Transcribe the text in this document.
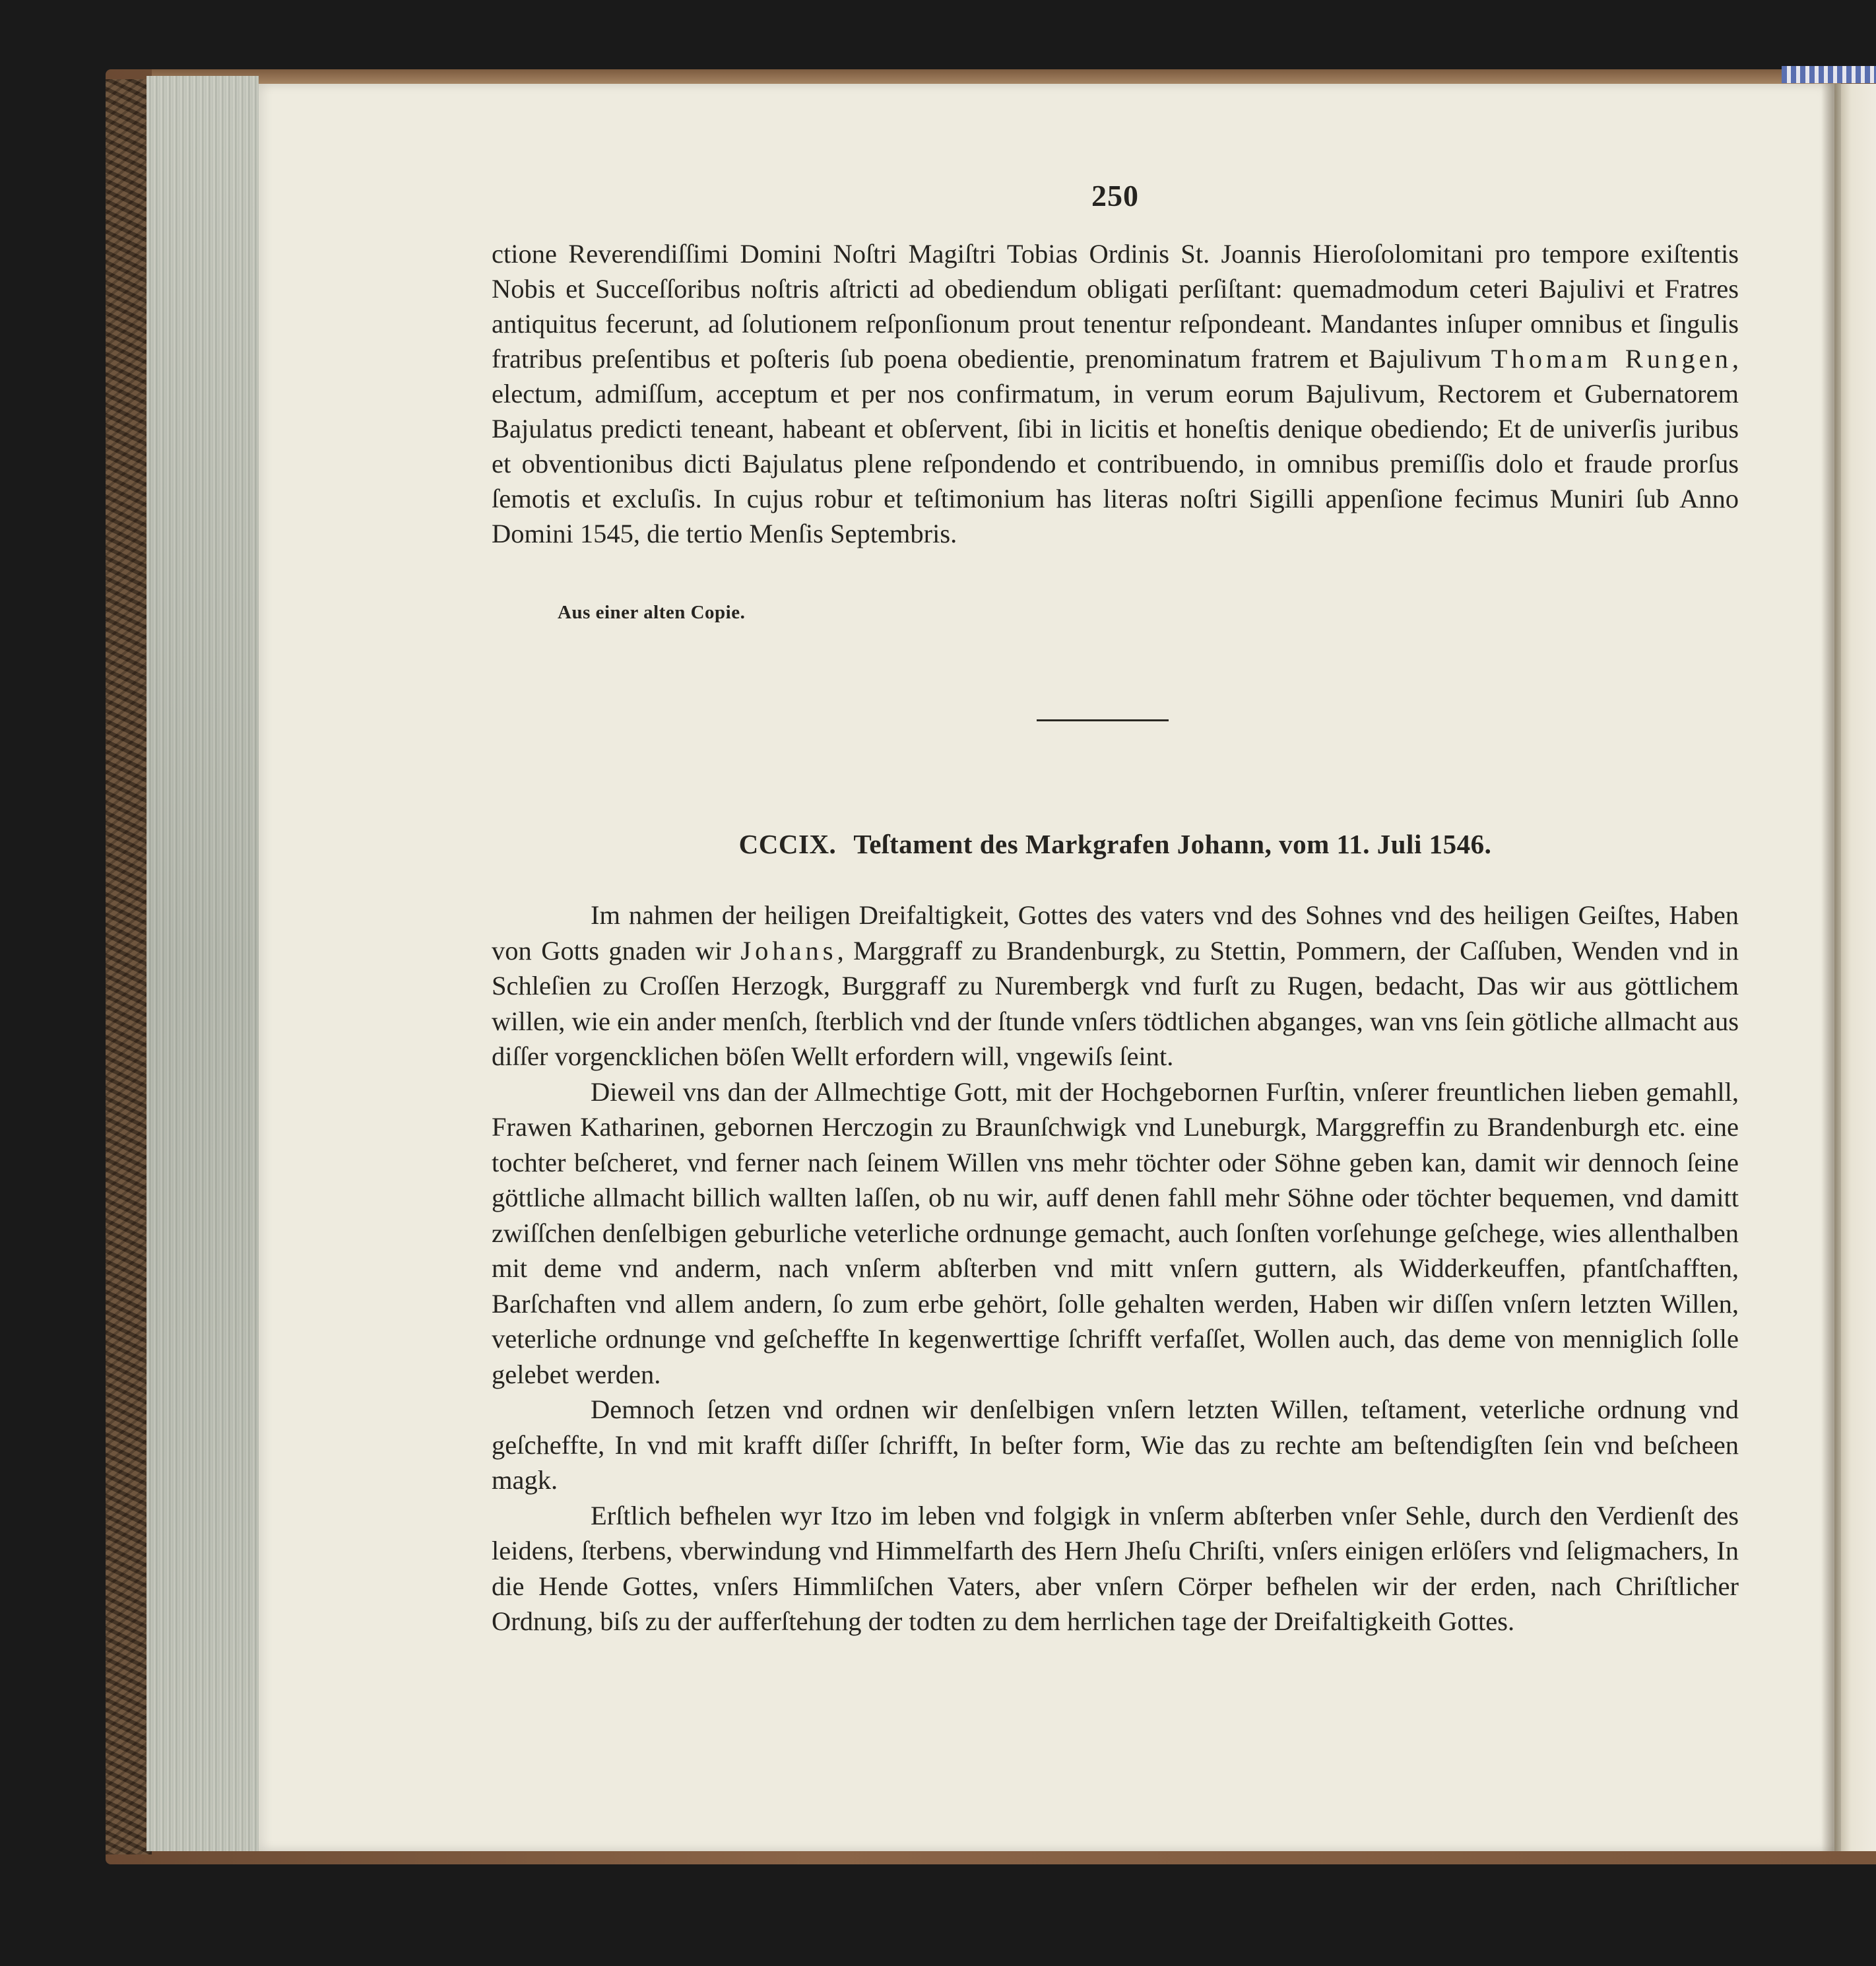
250
ctione Reverendiſſimi Domini Noſtri Magiſtri Tobias Ordinis St. Joannis Hieroſolomitani pro tempore exiſtentis Nobis et Succeſſoribus noſtris aſtricti ad obediendum obligati perſiſtant: quemadmodum ceteri Bajulivi et Fratres antiquitus fecerunt, ad ſolutionem reſponſionum prout tenentur reſpondeant. Mandantes inſuper omnibus et ſingulis fratribus preſentibus et poſteris ſub poena obedientie, prenominatum fratrem et Bajulivum Thomam Rungen, electum, admiſſum, acceptum et per nos confirmatum, in verum eorum Bajulivum, Rectorem et Gubernatorem Bajulatus predicti teneant, habeant et obſervent, ſibi in licitis et honeſtis denique obediendo; Et de univerſis juribus et obventionibus dicti Bajulatus plene reſpondendo et contribuendo, in omnibus premiſſis dolo et fraude prorſus ſemotis et excluſis. In cujus robur et teſtimonium has literas noſtri Sigilli appenſione fecimus Muniri ſub Anno Domini 1545, die tertio Menſis Septembris.
Aus einer alten Copie.
CCCIX. Teſtament des Markgrafen Johann, vom 11. Juli 1546.

Im nahmen der heiligen Dreifaltigkeit, Gottes des vaters vnd des Sohnes vnd des heiligen Geiſtes, Haben von Gotts gnaden wir Johans, Marggraff zu Brandenburgk, zu Stettin, Pommern, der Caſſuben, Wenden vnd in Schleſien zu Croſſen Herzogk, Burggraff zu Nurembergk vnd furſt zu Rugen, bedacht, Das wir aus göttlichem willen, wie ein ander menſch, ſterblich vnd der ſtunde vnſers tödtlichen abganges, wan vns ſein götliche allmacht aus diſſer vorgencklichen böſen Wellt erfordern will, vngewiſs ſeint.

Dieweil vns dan der Allmechtige Gott, mit der Hochgebornen Furſtin, vnſerer freuntlichen lieben gemahll, Frawen Katharinen, gebornen Herczogin zu Braunſchwigk vnd Luneburgk, Marggreffin zu Brandenburgh etc. eine tochter beſcheret, vnd ferner nach ſeinem Willen vns mehr töchter oder Söhne geben kan, damit wir dennoch ſeine göttliche allmacht billich wallten laſſen, ob nu wir, auff denen fahll mehr Söhne oder töchter bequemen, vnd damitt zwiſſchen denſelbigen geburliche veterliche ordnunge gemacht, auch ſonſten vorſehunge geſchege, wies allenthalben mit deme vnd anderm, nach vnſerm abſterben vnd mitt vnſern guttern, als Widderkeuffen, pfantſchafften, Barſchaften vnd allem andern, ſo zum erbe gehört, ſolle gehalten werden, Haben wir diſſen vnſern letzten Willen, veterliche ordnunge vnd geſcheffte In kegenwerttige ſchrifft verfaſſet, Wollen auch, das deme von menniglich ſolle gelebet werden.

Demnoch ſetzen vnd ordnen wir denſelbigen vnſern letzten Willen, teſtament, veterliche ordnung vnd geſcheffte, In vnd mit krafft diſſer ſchrifft, In beſter form, Wie das zu rechte am beſtendigſten ſein vnd beſcheen magk.

Erſtlich befhelen wyr Itzo im leben vnd folgigk in vnſerm abſterben vnſer Sehle, durch den Verdienſt des leidens, ſterbens, vberwindung vnd Himmelfarth des Hern Jheſu Chriſti, vnſers einigen erlöſers vnd ſeligmachers, In die Hende Gottes, vnſers Himmliſchen Vaters, aber vnſern Cörper befhelen wir der erden, nach Chriſtlicher Ordnung, biſs zu der aufferſtehung der todten zu dem herrlichen tage der Dreifaltigkeith Gottes.
